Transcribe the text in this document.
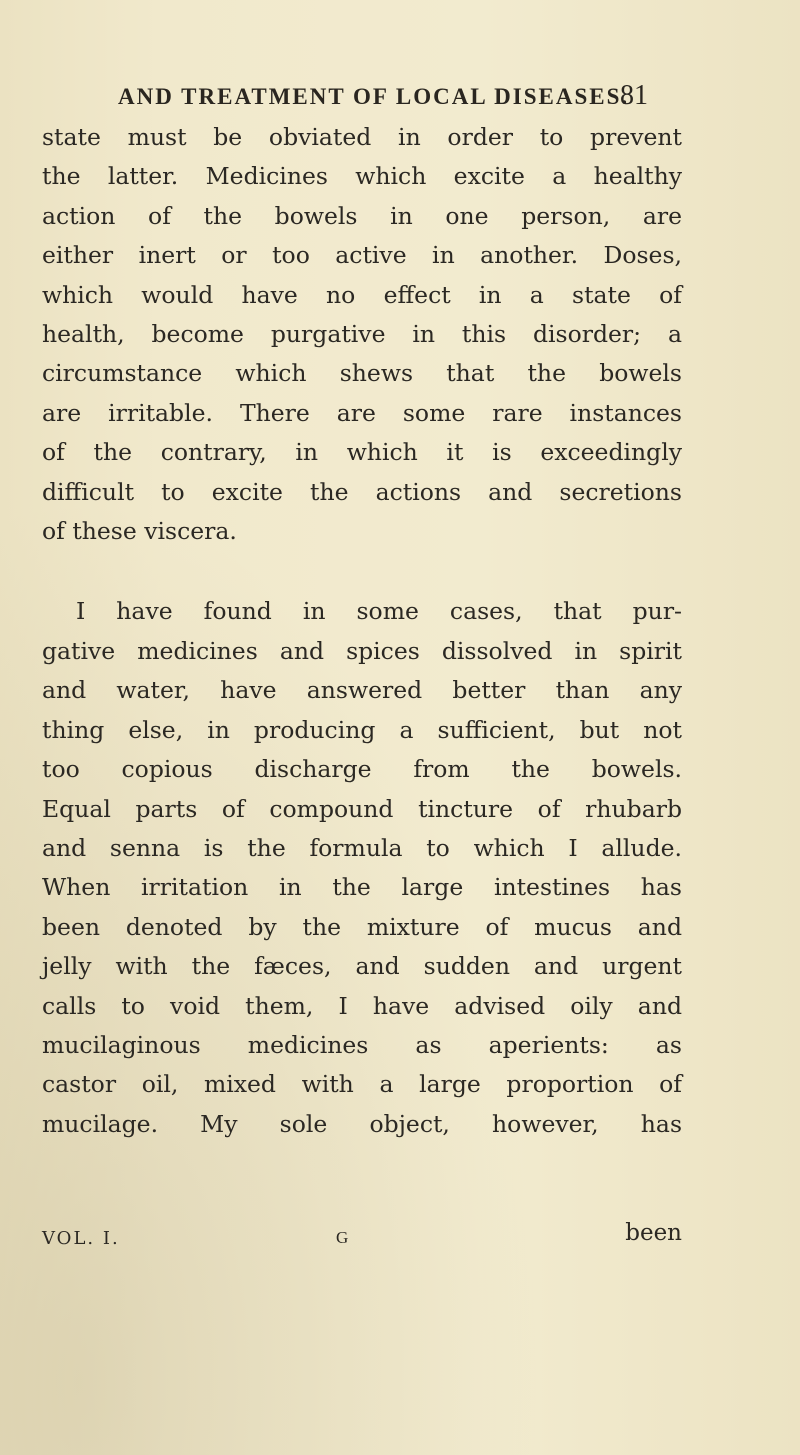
AND TREATMENT OF LOCAL DISEASES.
81
state must be obviated in order to prevent
the latter. Medicines which excite a healthy
action of the bowels in one person, are
either inert or too active in another. Doses,
which would have no effect in a state of
health, become purgative in this disorder; a
circumstance which shews that the bowels
are irritable. There are some rare instances
of the contrary, in which it is exceedingly
difficult to excite the actions and secretions
of these viscera.
I have found in some cases, that pur-
gative medicines and spices dissolved in spirit
and water, have answered better than any
thing else, in producing a sufficient, but not
too copious discharge from the bowels.
Equal parts of compound tincture of rhubarb
and senna is the formula to which I allude.
When irritation in the large intestines has
been denoted by the mixture of mucus and
jelly with the fæces, and sudden and urgent
calls to void them, I have advised oily and
mucilaginous medicines as aperients: as
castor oil, mixed with a large proportion of
mucilage. My sole object, however, has
VOL. I.	G	been
